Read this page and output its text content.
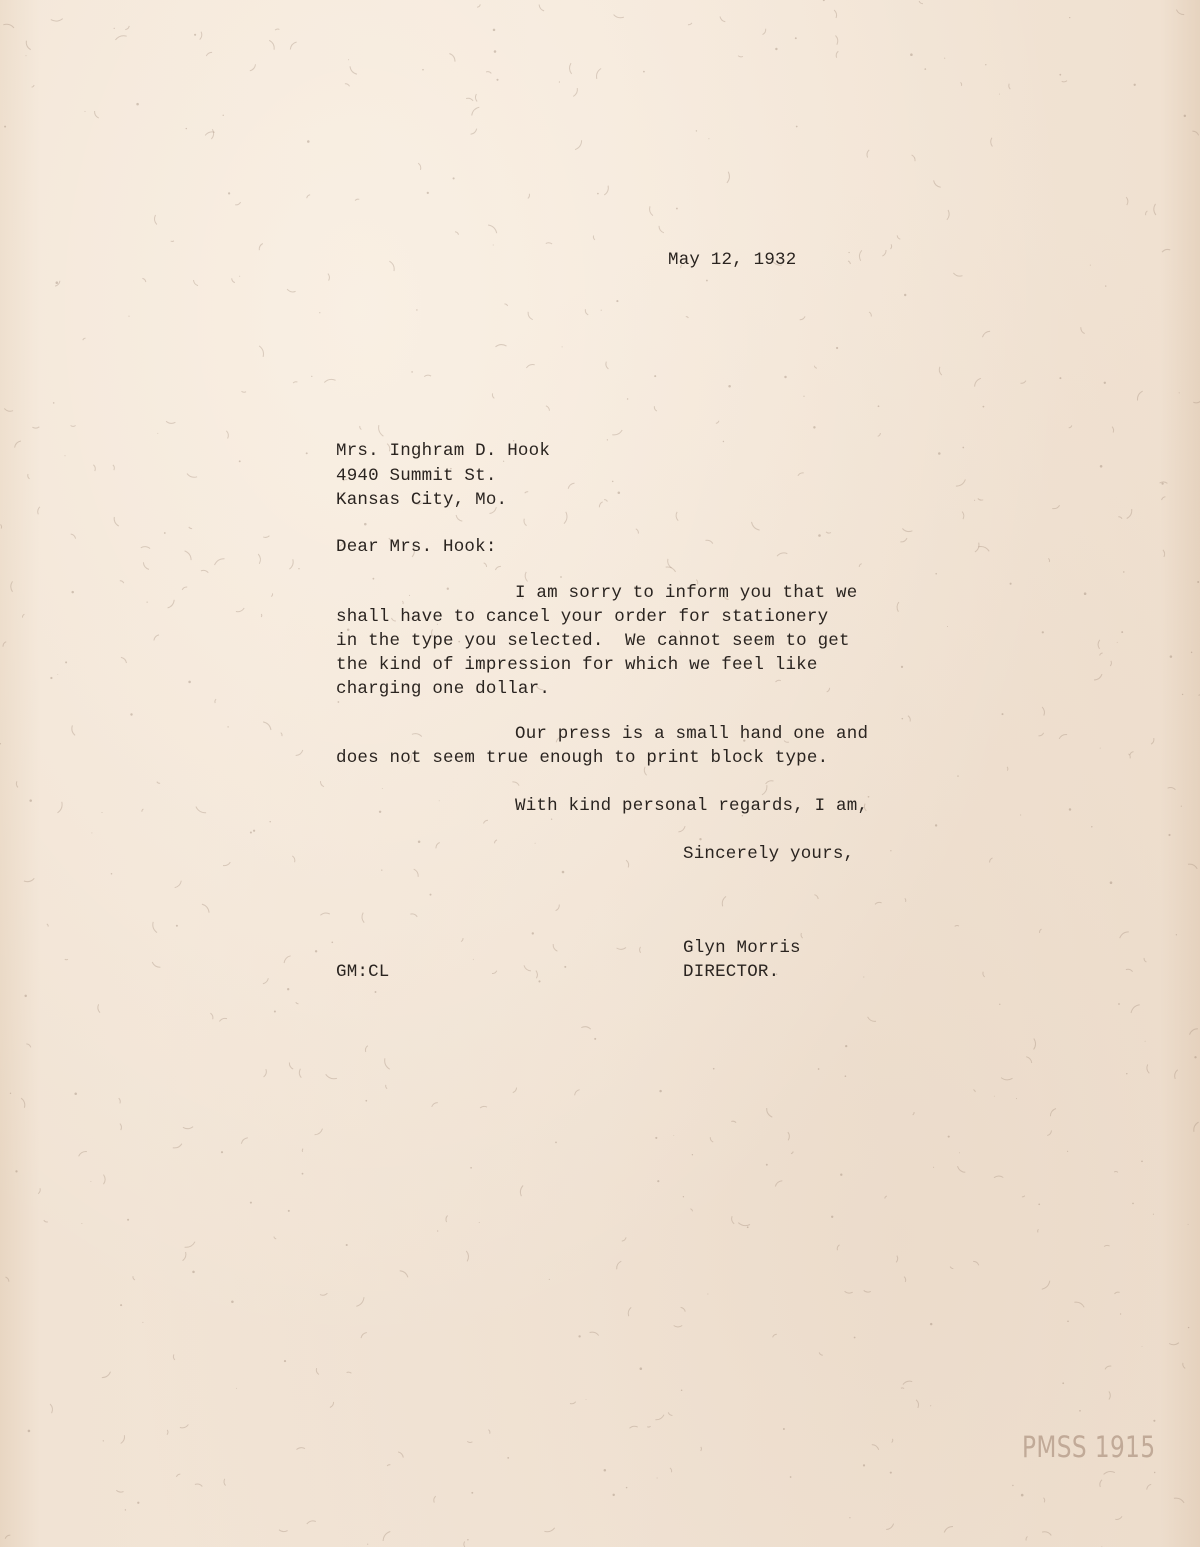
May 12, 1932

Mrs. Inghram D. Hook

4940 Summit St.

Kansas City, Mo.

Dear Mrs. Hook:

I am sorry to inform you that we

shall have to cancel your order for stationery

in the type you selected.  We cannot seem to get

the kind of impression for which we feel like

charging one dollar.

Our press is a small hand one and

does not seem true enough to print block type.

With kind personal regards, I am,

Sincerely yours,

Glyn Morris

DIRECTOR.

GM:CL

PMSS 1915
